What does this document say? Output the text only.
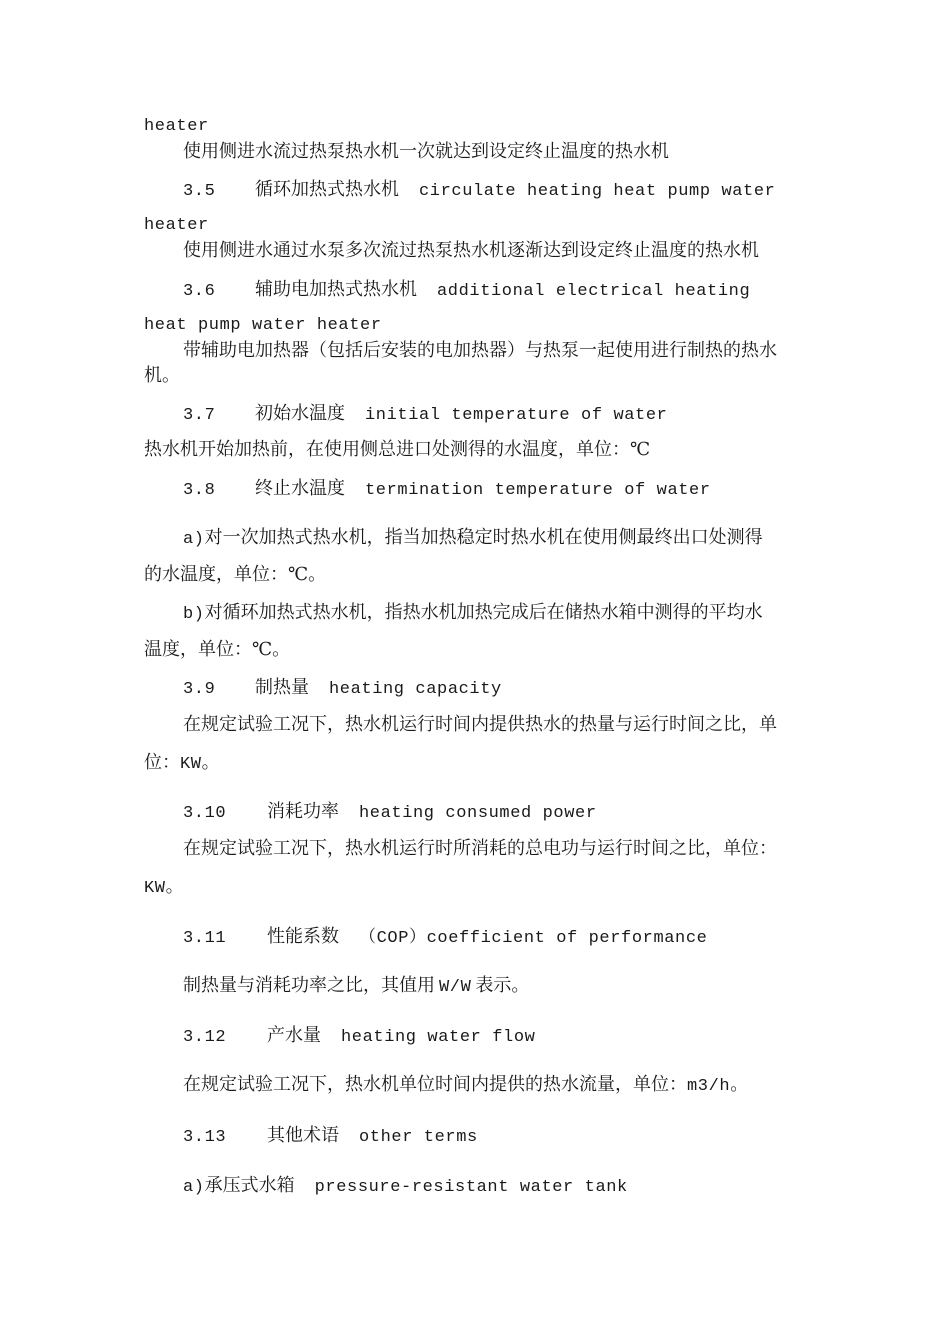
heater
使用侧进水流过热泵热水机一次就达到设定终止温度的热水机
3.5 循环加热式热水机 circulate heating heat pump water
heater
使用侧进水通过水泵多次流过热泵热水机逐渐达到设定终止温度的热水机
3.6 辅助电加热式热水机 additional electrical heating
heat pump water heater
带辅助电加热器（包括后安装的电加热器）与热泵一起使用进行制热的热水
机。
3.7 初始水温度 initial temperature of water
热水机开始加热前，在使用侧总进口处测得的水温度，单位：℃
3.8 终止水温度 termination temperature of water
a)对一次加热式热水机，指当加热稳定时热水机在使用侧最终出口处测得
的水温度，单位：℃。
b)对循环加热式热水机，指热水机加热完成后在储热水箱中测得的平均水
温度，单位：℃。
3.9 制热量 heating capacity
在规定试验工况下，热水机运行时间内提供热水的热量与运行时间之比，单
位：KW。
3.10 消耗功率 heating consumed power
在规定试验工况下，热水机运行时所消耗的总电功与运行时间之比，单位：
KW。
3.11 性能系数 （COP）coefficient of performance
制热量与消耗功率之比，其值用 W/W 表示。
3.12 产水量 heating water flow
在规定试验工况下，热水机单位时间内提供的热水流量，单位：m3/h。
3.13 其他术语 other terms
a)承压式水箱 pressure-resistant water tank
